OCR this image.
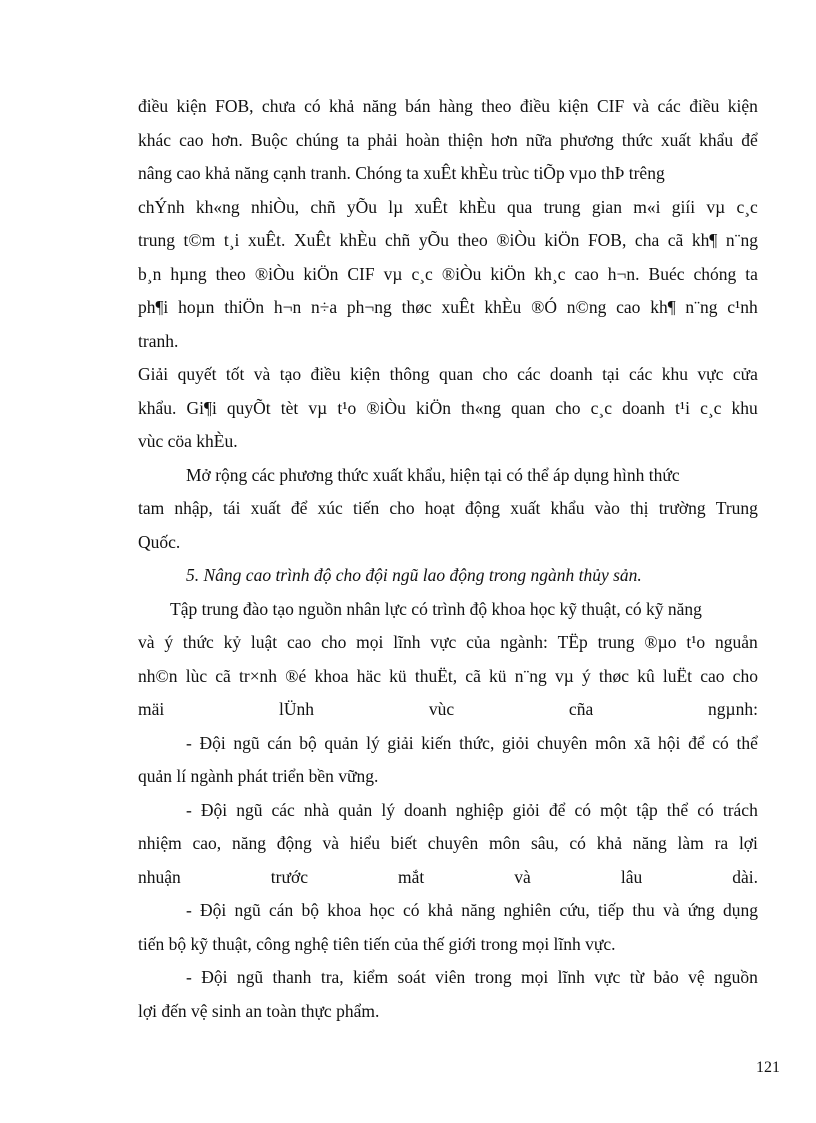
điều kiện FOB, chưa có khả năng bán hàng theo điều kiện CIF và các điều kiện
khác cao hơn. Buộc chúng ta phải hoàn thiện hơn nữa phương thức xuất khẩu để
nâng cao khả năng cạnh tranh. Chóng ta xuÊt khÈu trùc tiÕp vµo thÞ trêng
chÝnh kh«ng nhiÒu, chñ yÕu lµ xuÊt khÈu qua trung gian m«i giíi vµ c¸c
trung t©m t¸i xuÊt. XuÊt khÈu chñ yÕu theo ®iÒu kiÖn FOB, cha cã kh¶ n¨ng
b¸n hµng theo ®iÒu kiÖn CIF vµ c¸c ®iÒu kiÖn kh¸c cao h¬n. Buéc chóng ta
ph¶i hoµn thiÖn h¬n n÷a ph¬ng thøc xuÊt khÈu ®Ó n©ng cao kh¶ n¨ng c¹nh
tranh.
Giải quyết tốt và tạo điều kiện thông quan cho các doanh tại các khu vực cửa
khẩu. Gi¶i quyÕt tèt vµ t¹o ®iÒu kiÖn th«ng quan cho c¸c doanh t¹i c¸c khu
vùc cöa khÈu.
Mở rộng các phương thức xuất khẩu, hiện tại có thể áp dụng hình thức
tam nhập, tái xuất để xúc tiến cho hoạt động xuất khẩu vào thị trường Trung
Quốc.
5. Nâng cao trình độ cho đội ngũ lao động trong ngành thủy sản.
Tập trung đào tạo nguồn nhân lực có trình độ khoa học kỹ thuật, có kỹ năng
và ý thức kỷ luật cao cho mọi lĩnh vực của ngành: TËp trung ®µo t¹o nguån
nh©n lùc cã tr×nh ®é khoa häc kü thuËt, cã kü n¨ng vµ ý thøc kû luËt cao cho
mäi	lÜnh	vùc	cña	ngµnh:
- Đội ngũ cán bộ quản lý giải kiến thức, giỏi chuyên môn xã hội để có thể
quản lí ngành phát triển bền vững.
- Đội ngũ các nhà quản lý doanh nghiệp giỏi để có một tập thể có trách
nhiệm cao, năng động và hiểu biết chuyên môn sâu, có khả năng làm ra lợi
nhuận	trước	mắt	và	lâu	dài.
- Đội ngũ cán bộ khoa học có khả năng nghiên cứu, tiếp thu và ứng dụng
tiến bộ kỹ thuật, công nghệ tiên tiến của thế giới trong mọi lĩnh vực.
- Đội ngũ thanh tra, kiểm soát viên trong mọi lĩnh vực từ bảo vệ nguồn
lợi đến vệ sinh an toàn thực phẩm.
121
